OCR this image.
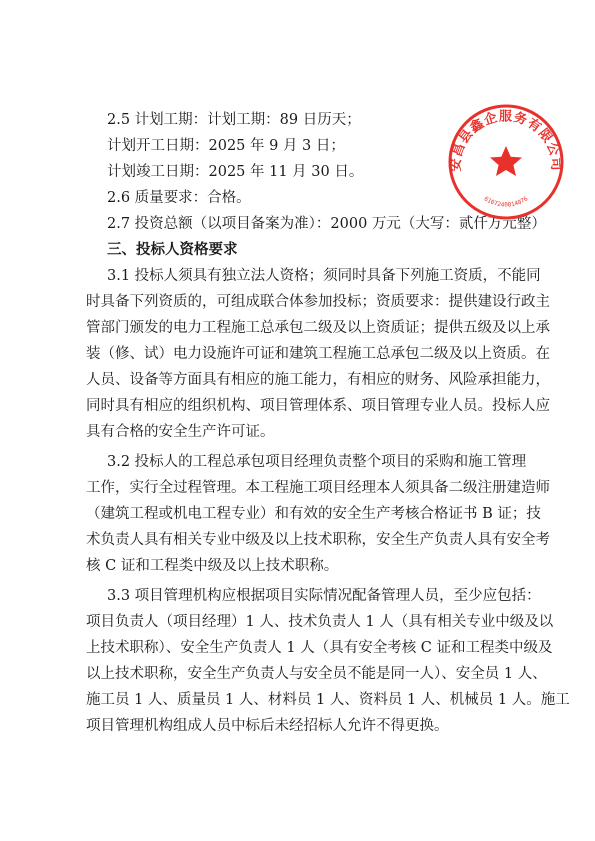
2.5 计划工期：计划工期：89 日历天；
计划开工日期：2025 年 9 月 3 日；
计划竣工日期：2025 年 11 月 30 日。
2.6 质量要求：合格。
2.7 投资总额（以项目备案为准）：2000 万元（大写：贰仟万元整）
三、投标人资格要求
3.1 投标人须具有独立法人资格；须同时具备下列施工资质，不能同
时具备下列资质的，可组成联合体参加投标；资质要求：提供建设行政主
管部门颁发的电力工程施工总承包二级及以上资质证；提供五级及以上承
装（修、试）电力设施许可证和建筑工程施工总承包二级及以上资质。在
人员、设备等方面具有相应的施工能力，有相应的财务、风险承担能力，
同时具有相应的组织机构、项目管理体系、项目管理专业人员。投标人应
具有合格的安全生产许可证。
3.2 投标人的工程总承包项目经理负责整个项目的采购和施工管理
工作，实行全过程管理。本工程施工项目经理本人须具备二级注册建造师
（建筑工程或机电工程专业）和有效的安全生产考核合格证书 B 证；技
术负责人具有相关专业中级及以上技术职称，安全生产负责人具有安全考
核 C 证和工程类中级及以上技术职称。
3.3 项目管理机构应根据项目实际情况配备管理人员，至少应包括：
项目负责人（项目经理）1 人、技术负责人 1 人（具有相关专业中级及以
上技术职称）、安全生产负责人 1 人（具有安全考核 C 证和工程类中级及
以上技术职称，安全生产负责人与安全员不能是同一人）、安全员 1 人、
施工员 1 人、质量员 1 人、材料员 1 人、资料员 1 人、机械员 1 人。施工
项目管理机构组成人员中标后未经招标人允许不得更换。
安昌县鑫企服务有限公司
6107240014076
